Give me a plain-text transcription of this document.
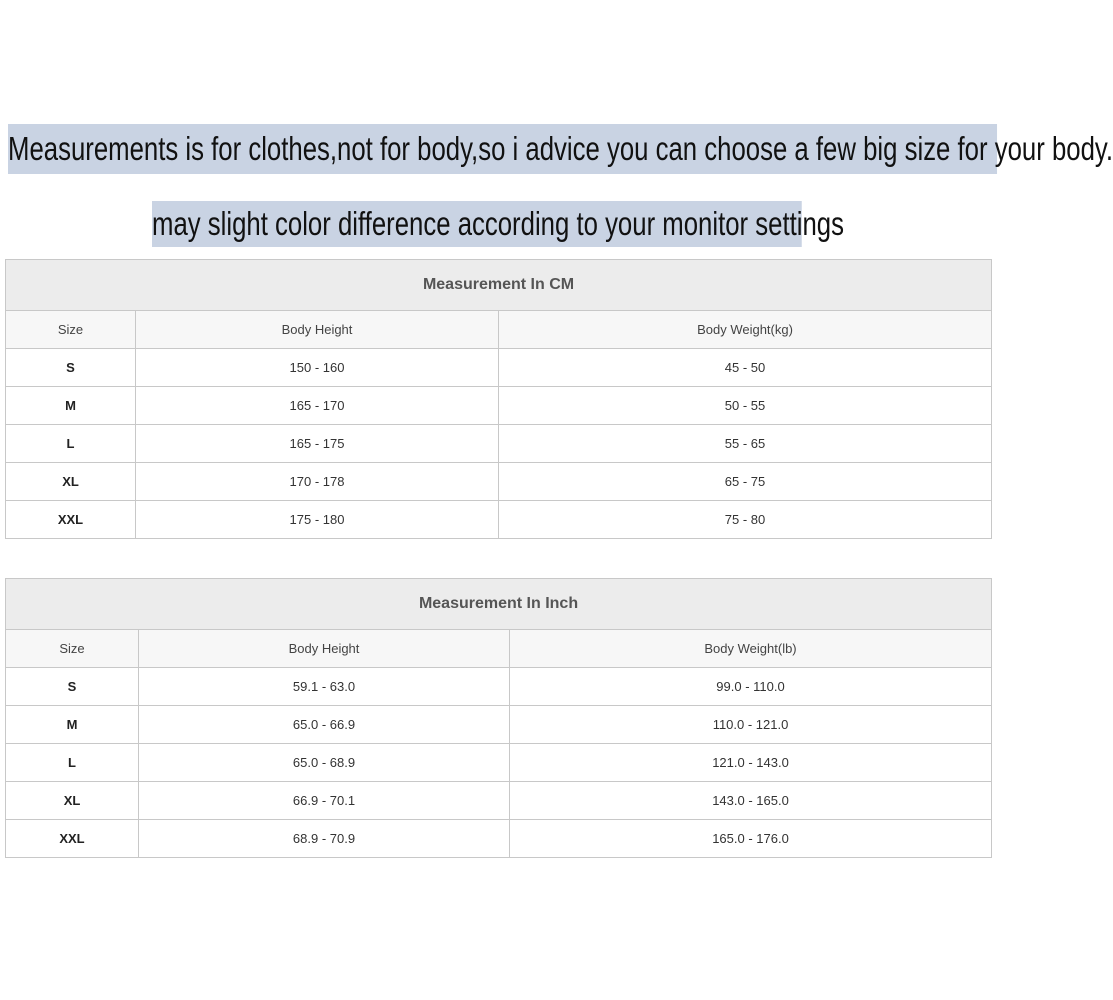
Measurements is for clothes,not for body,so i advice you can choose a few big size for your body.
may slight color difference according to your monitor settings
Measurement In CM		
Size	Body Height	Body Weight(kg)
S	150 - 160	45 - 50
M	165 - 170	50 - 55
L	165 - 175	55 - 65
XL	170 - 178	65 - 75
XXL	175 - 180	75 - 80
Measurement In Inch		
Size	Body Height	Body Weight(lb)
S	59.1 - 63.0	99.0 - 110.0
M	65.0 - 66.9	110.0 - 121.0
L	65.0 - 68.9	121.0 - 143.0
XL	66.9 - 70.1	143.0 - 165.0
XXL	68.9 - 70.9	165.0 - 176.0
